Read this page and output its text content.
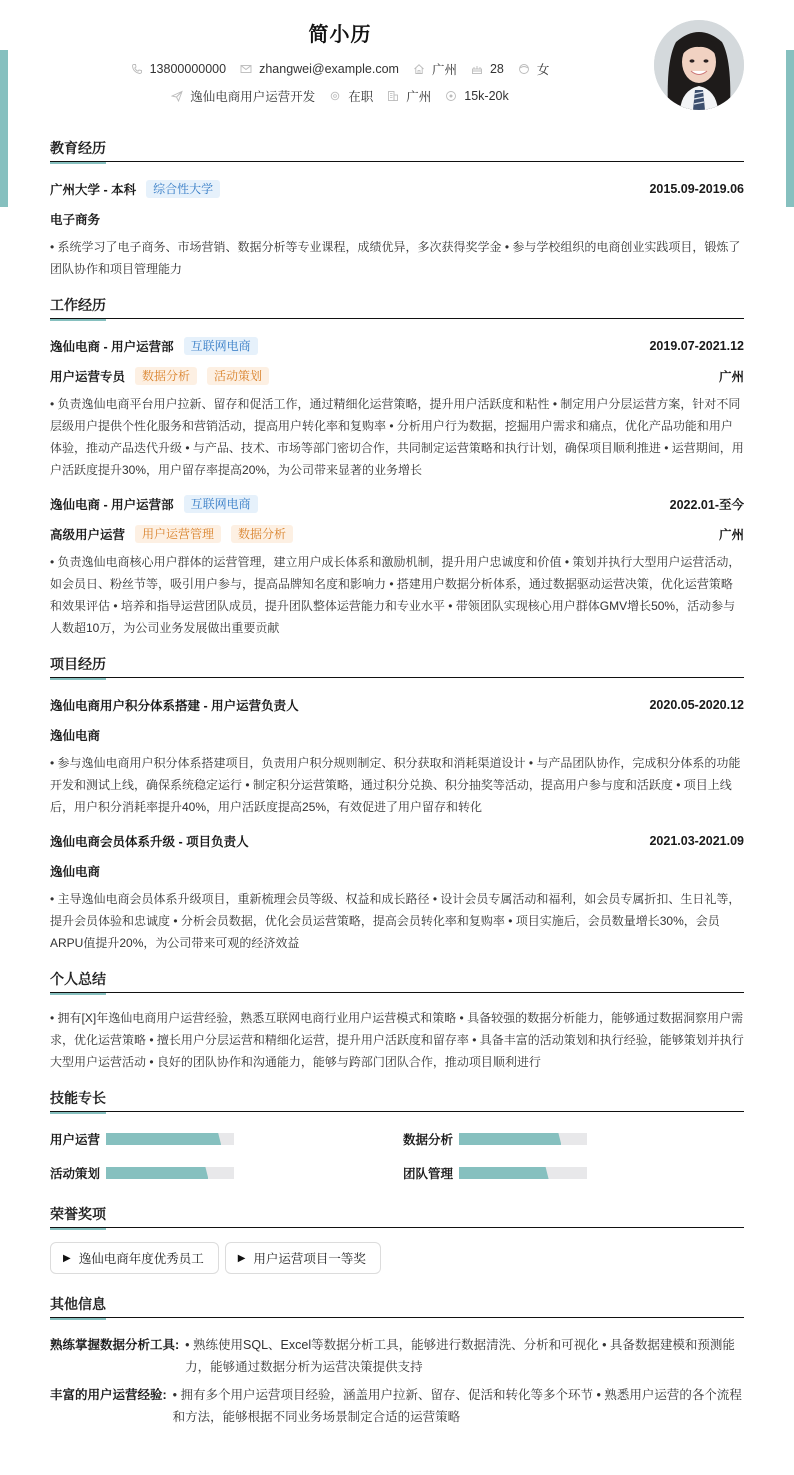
简小历
13800000000	zhangwei@example.com	广州	28	女
逸仙电商用户运营开发	在职	广州	15k-20k
教育经历
广州大学 - 本科	综合性大学	2015.09-2019.06
电子商务
• 系统学习了电子商务、市场营销、数据分析等专业课程，成绩优异，多次获得奖学金 • 参与学校组织的电商创业实践项目，锻炼了团队协作和项目管理能力
工作经历
逸仙电商 - 用户运营部	互联网电商	2019.07-2021.12
用户运营专员	数据分析	活动策划	广州
• 负责逸仙电商平台用户拉新、留存和促活工作，通过精细化运营策略，提升用户活跃度和粘性 • 制定用户分层运营方案，针对不同层级用户提供个性化服务和营销活动，提高用户转化率和复购率 • 分析用户行为数据，挖掘用户需求和痛点，优化产品功能和用户体验，推动产品迭代升级 • 与产品、技术、市场等部门密切合作，共同制定运营策略和执行计划，确保项目顺利推进 • 运营期间，用户活跃度提升30%，用户留存率提高20%，为公司带来显著的业务增长
逸仙电商 - 用户运营部	互联网电商	2022.01-至今
高级用户运营	用户运营管理	数据分析	广州
• 负责逸仙电商核心用户群体的运营管理，建立用户成长体系和激励机制，提升用户忠诚度和价值 • 策划并执行大型用户运营活动，如会员日、粉丝节等，吸引用户参与，提高品牌知名度和影响力 • 搭建用户数据分析体系，通过数据驱动运营决策，优化运营策略和效果评估 • 培养和指导运营团队成员，提升团队整体运营能力和专业水平 • 带领团队实现核心用户群体GMV增长50%，活动参与人数超10万，为公司业务发展做出重要贡献
项目经历
逸仙电商用户积分体系搭建 - 用户运营负责人	2020.05-2020.12
逸仙电商
• 参与逸仙电商用户积分体系搭建项目，负责用户积分规则制定、积分获取和消耗渠道设计 • 与产品团队协作，完成积分体系的功能开发和测试上线，确保系统稳定运行 • 制定积分运营策略，通过积分兑换、积分抽奖等活动，提高用户参与度和活跃度 • 项目上线后，用户积分消耗率提升40%，用户活跃度提高25%，有效促进了用户留存和转化
逸仙电商会员体系升级 - 项目负责人	2021.03-2021.09
逸仙电商
• 主导逸仙电商会员体系升级项目，重新梳理会员等级、权益和成长路径 • 设计会员专属活动和福利，如会员专属折扣、生日礼等，提升会员体验和忠诚度 • 分析会员数据，优化会员运营策略，提高会员转化率和复购率 • 项目实施后，会员数量增长30%，会员ARPU值提升20%，为公司带来可观的经济效益
个人总结
• 拥有[X]年逸仙电商用户运营经验，熟悉互联网电商行业用户运营模式和策略 • 具备较强的数据分析能力，能够通过数据洞察用户需求，优化运营策略 • 擅长用户分层运营和精细化运营，提升用户活跃度和留存率 • 具备丰富的活动策划和执行经验，能够策划并执行大型用户运营活动 • 良好的团队协作和沟通能力，能够与跨部门团队合作，推动项目顺利进行
技能专长
用户运营	数据分析
活动策划	团队管理
荣誉奖项
▶ 逸仙电商年度优秀员工	▶ 用户运营项目一等奖
其他信息
熟练掌握数据分析工具: • 熟练使用SQL、Excel等数据分析工具，能够进行数据清洗、分析和可视化 • 具备数据建模和预测能力，能够通过数据分析为运营决策提供支持
丰富的用户运营经验: • 拥有多个用户运营项目经验，涵盖用户拉新、留存、促活和转化等多个环节 • 熟悉用户运营的各个流程和方法，能够根据不同业务场景制定合适的运营策略
